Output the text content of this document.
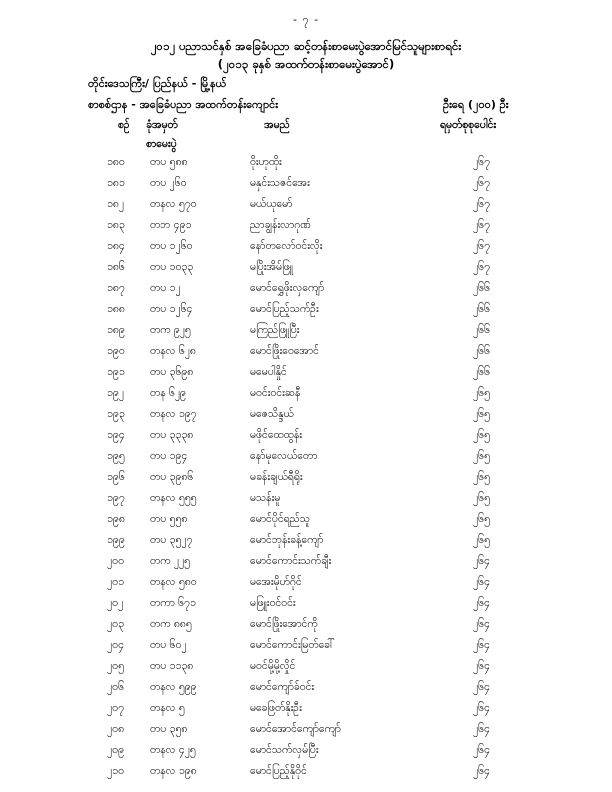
- ၇ -
၂၀၁၂ ပညာသင်နှစ် အခြေခံပညာ ဆင့်တန်းစာမေးပွဲအောင်မြင်သူများစာရင်း
(၂၀၁၃ ခုနှစ် အထက်တန်းစာမေးပွဲအောင်)
တိုင်းဒေသကြီး/ ပြည်နယ် - မြို့နယ်
စာစစ်ဌာန - အခြေခံပညာ အထက်တန်းကျောင်း	ဦးရေ (၂၀၀) ဦး
စဉ် ခုံအမှတ်
စာမေးပွဲ
အမည်	ရမှတ်စုစုပေါင်း
၁၈၀ တပ ၅၈၈	ဝိုးဟုထိုး	၂၆၇
၁၈၁ တပ ၂၆၀	မနှင်းသဇင်အေး	၂၆၇
၁၈၂ တနလ ၅၇၀	မယ်ယုမော်	၂၆၇
၁၈၃ တဘ ၄၉၁	ညာချွန်းလာဂုဏ်	၂၆၇
၁၈၄ တပ ၁၂၆၀	နော်တလော်ဝင်းလိုး	၂၆၇
၁၈၆ တပ ၁၀၃၃	မပြိုးအိမ်ဖြူ	၂၆၇
၁၈၇ တပ ၁၂	မောင်ရွှေဖိုးလှကျော်	၂၆၆
၁၈၈ တပ ၁၂၆၄	မောင်ပြည့်သက်ဦး	၂၆၆
၁၈၉ တက ၉၂၅	မကြည်ဖြူပြီး	၂၆၆
၁၉၀ တနလ ၆၂၈	မောင်ဖြိုးဝေအောင်	၂၆၆
၁၉၁ တပ ၃၆၉၈	မမေပါနှိုင်	၂၆၆
၁၉၂ တန ၆၂၉	မဝင်းဝင်းဆနီ	၂၆၅
၁၉၃ တနလ ၁၉၇	မဇေသိန္ဒယ်	၂၆၅
၁၉၄ တပ ၃၃၃၈	မဖိုင်ထေထွန်း	၂၆၅
၁၉၅ တပ ၁၉၄	နော်မုလေယ်တော	၂၆၅
၁၉၆ တပ ၃၉၈၆	မခန်းချယ်ရီရိုး	၂၆၅
၁၉၇ တနလ ၅၅၅	မသန်းမူ	၂၆၅
၁၉၈ တပ ၅၅၈	မောင်ပိုင်ရည်သူ	၂၆၅
၁၉၉ တပ ၃၅၂၇	မောင်ဘုန်းခန့်ကျော်	၂၆၅
၂၀၀ တက ၂၂၅	မောင်ကောင်းသက်ချီး	၂၆၄
၂၀၁ တနလ ၅၈၀	မအေးမိုဟ်ဂိုင်	၂၆၄
၂၀၂	တကာ ၆၇၁	မဖြူးဝင်ဝင်း	၂၆၄
၂၀၃ တက ၈၈၅	မောင်ဖြိုးအောင်ကို	၂၆၄
၂၀၄ တပ ၆၀၂	မောင်ကောင်းမြတ်ခေါ်	၂၆၄
၂၀၅ တပ ၁၁၃၈	မဝင်မို့မို့လှိုင်	၂၆၄
၂၀၆ တနလ ၅၉၉	မောင်ကျော်ခ်ဝင်း	၂၆၄
၂၀၇ တနလ ၅	မခေဖြတ်နိုးဦး	၂၆၄
၂၀၈ တပ ၃၅၈	မောင်အောင်ကျော်ကျော်	၂၆၄
၂၀၉ တနလ ၄၂၅	မောင်သက်လှမ်ပြီး	၂၆၄
၂၁၀ တနလ ၁၉၈	မောင်ပြည့်နိုဝိုင်	၂၆၄
